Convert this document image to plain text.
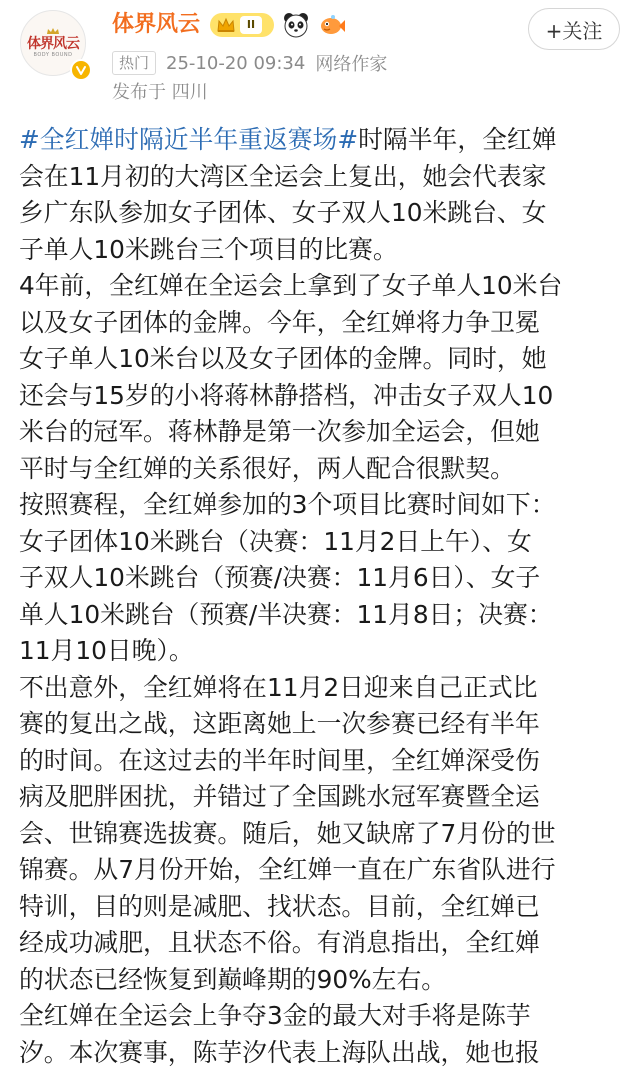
体界风云
BODY BOUND
体界风云	II	+关注
热门 25-10-20 09:34 网络作家
发布于 四川
#全红婵时隔近半年重返赛场#时隔半年，全红婵
会在11月初的大湾区全运会上复出，她会代表家
乡广东队参加女子团体、女子双人10米跳台、女
子单人10米跳台三个项目的比赛。
4年前，全红婵在全运会上拿到了女子单人10米台
以及女子团体的金牌。今年，全红婵将力争卫冕
女子单人10米台以及女子团体的金牌。同时，她
还会与15岁的小将蒋林静搭档，冲击女子双人10
米台的冠军。蒋林静是第一次参加全运会，但她
平时与全红婵的关系很好，两人配合很默契。
按照赛程，全红婵参加的3个项目比赛时间如下：
女子团体10米跳台（决赛：11月2日上午）、女
子双人10米跳台（预赛/决赛：11月6日）、女子
单人10米跳台（预赛/半决赛：11月8日；决赛：
11月10日晚）。
不出意外，全红婵将在11月2日迎来自己正式比
赛的复出之战，这距离她上一次参赛已经有半年
的时间。在这过去的半年时间里，全红婵深受伤
病及肥胖困扰，并错过了全国跳水冠军赛暨全运
会、世锦赛选拔赛。随后，她又缺席了7月份的世
锦赛。从7月份开始，全红婵一直在广东省队进行
特训，目的则是减肥、找状态。目前，全红婵已
经成功减肥，且状态不俗。有消息指出，全红婵
的状态已经恢复到巅峰期的90%左右。
全红婵在全运会上争夺3金的最大对手将是陈芋
汐。本次赛事，陈芋汐代表上海队出战，她也报
